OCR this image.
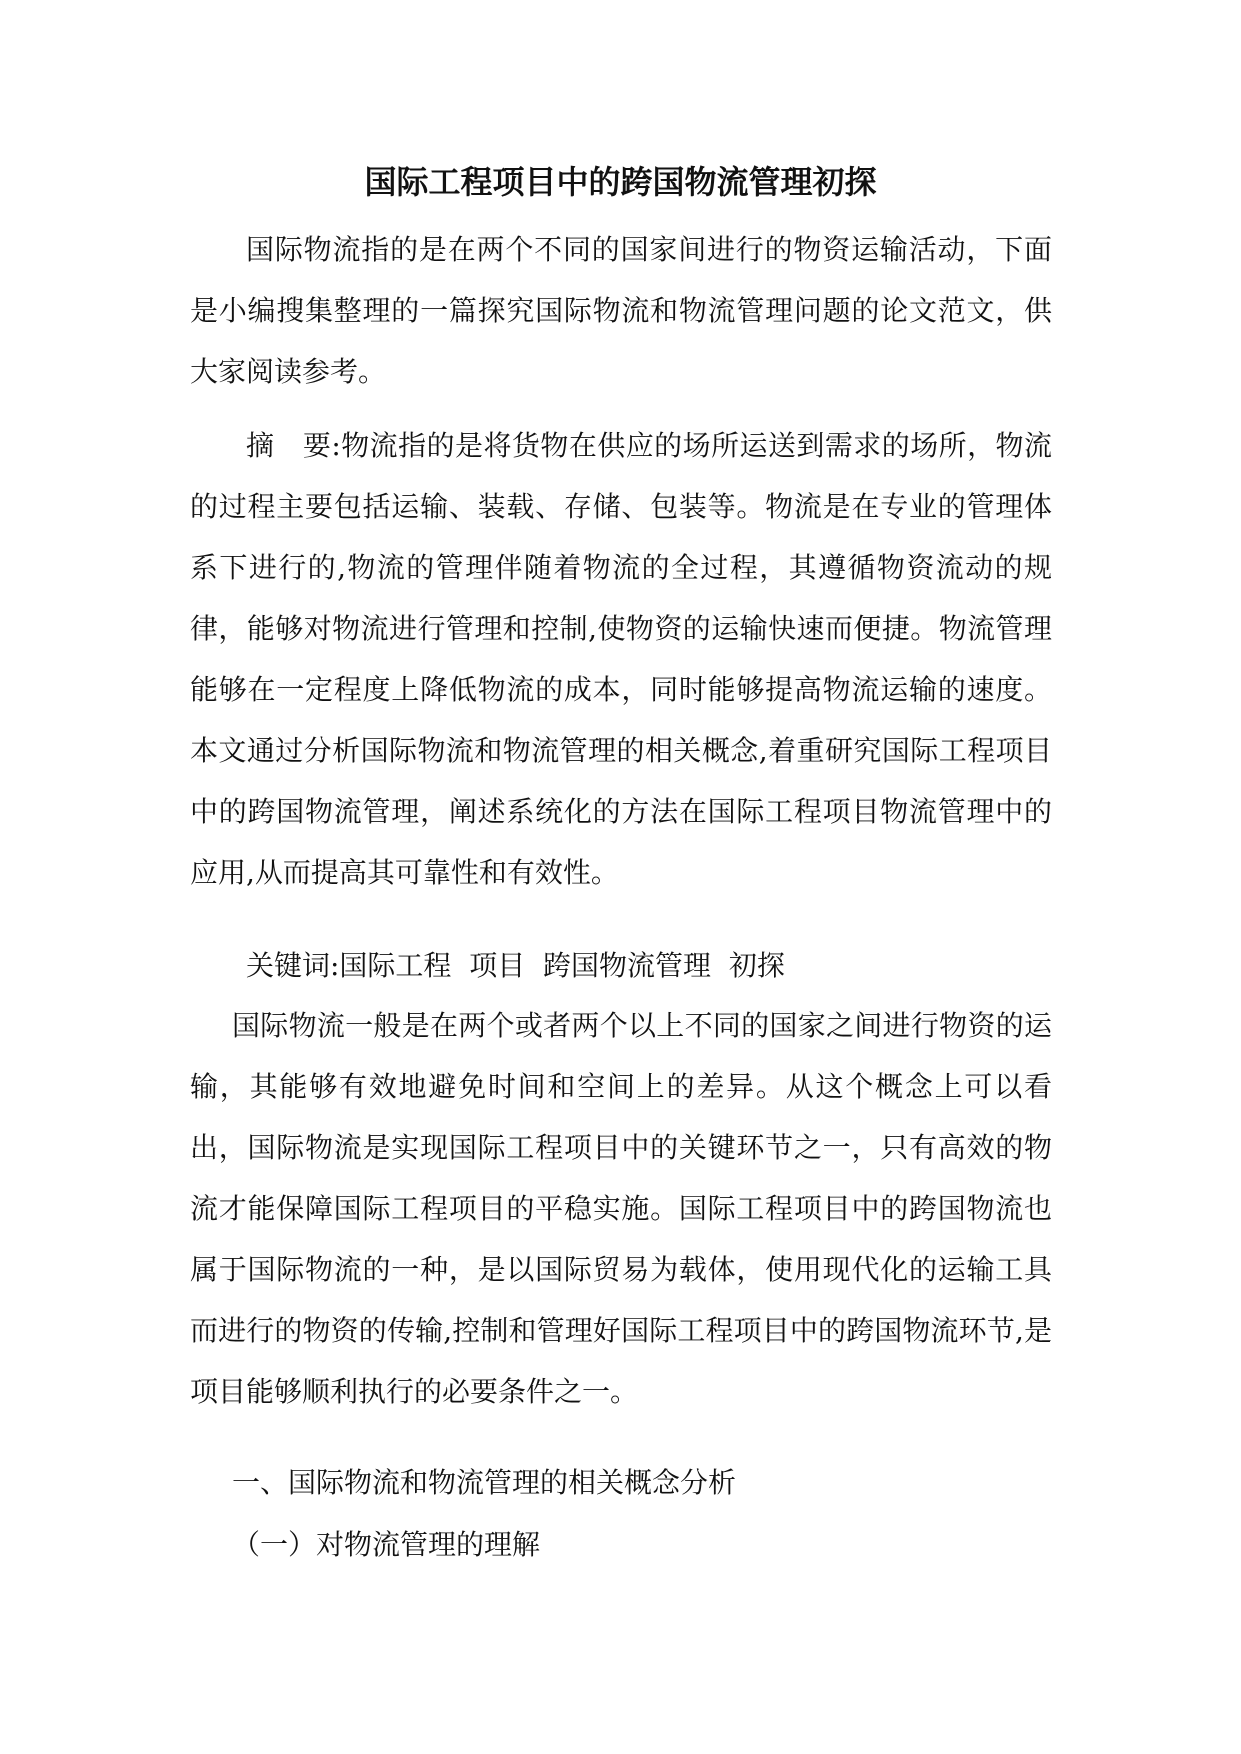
国际工程项目中的跨国物流管理初探

国际物流指的是在两个不同的国家间进行的物资运输活动，下面是小编搜集整理的一篇探究国际物流和物流管理问题的论文范文，供大家阅读参考。

摘　要:物流指的是将货物在供应的场所运送到需求的场所，物流的过程主要包括运输、装载、存储、包装等。物流是在专业的管理体系下进行的,物流的管理伴随着物流的全过程，其遵循物资流动的规律，能够对物流进行管理和控制,使物资的运输快速而便捷。物流管理能够在一定程度上降低物流的成本，同时能够提高物流运输的速度。本文通过分析国际物流和物流管理的相关概念,着重研究国际工程项目中的跨国物流管理，阐述系统化的方法在国际工程项目物流管理中的应用,从而提高其可靠性和有效性。

关键词:国际工程  项目  跨国物流管理  初探

国际物流一般是在两个或者两个以上不同的国家之间进行物资的运输，其能够有效地避免时间和空间上的差异。从这个概念上可以看出，国际物流是实现国际工程项目中的关键环节之一，只有高效的物流才能保障国际工程项目的平稳实施。国际工程项目中的跨国物流也属于国际物流的一种，是以国际贸易为载体，使用现代化的运输工具而进行的物资的传输,控制和管理好国际工程项目中的跨国物流环节,是项目能够顺利执行的必要条件之一。

一、国际物流和物流管理的相关概念分析

（一）对物流管理的理解
